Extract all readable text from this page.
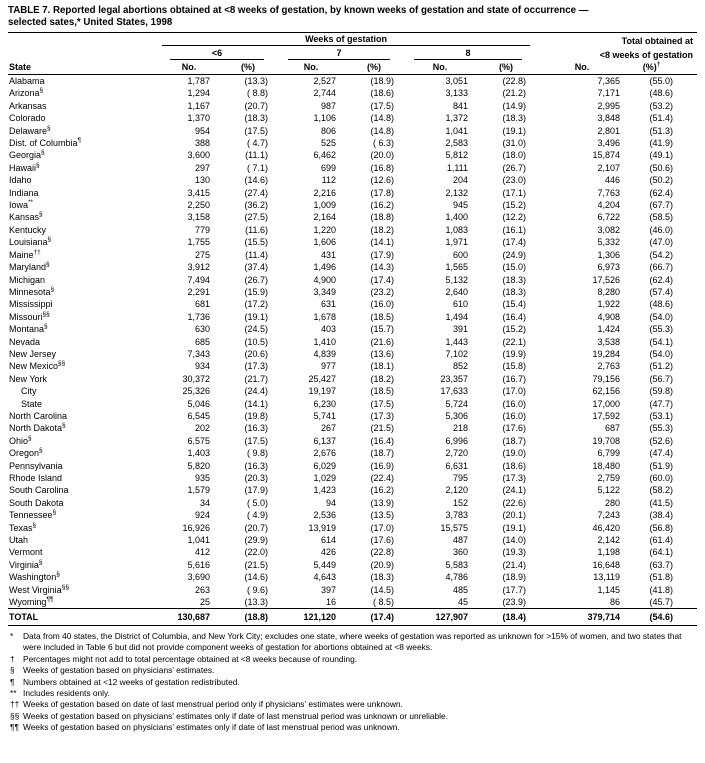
TABLE 7. Reported legal abortions obtained at <8 weeks of gestation, by known weeks of gestation and state of occurrence —
selected sates,* United States, 1998

	Weeks of gestation						Total obtained at	

	<6		7		8		<8 weeks of gestation	
State	No.	(%)	No.	(%)	No.	(%)	No.	(%)†
Alabama	1,787	(13.3)	2,527	(18.9)	3,051	(22.8)	7,365	(55.0)
Arizona§	1,294	( 8.8)	2,744	(18.6)	3,133	(21.2)	7,171	(48.6)
Arkansas	1,167	(20.7)	987	(17.5)	841	(14.9)	2,995	(53.2)
Colorado	1,370	(18.3)	1,106	(14.8)	1,372	(18.3)	3,848	(51.4)
Delaware§	954	(17.5)	806	(14.8)	1,041	(19.1)	2,801	(51.3)
Dist. of Columbia¶	388	( 4.7)	525	( 6.3)	2,583	(31.0)	3,496	(41.9)
Georgia§	3,600	(11.1)	6,462	(20.0)	5,812	(18.0)	15,874	(49.1)
Hawaii§	297	( 7.1)	699	(16.8)	1,111	(26.7)	2,107	(50.6)
Idaho	130	(14.6)	112	(12.6)	204	(23.0)	446	(50.2)
Indiana	3,415	(27.4)	2,216	(17.8)	2,132	(17.1)	7,763	(62.4)
Iowa**	2,250	(36.2)	1,009	(16.2)	945	(15.2)	4,204	(67.7)
Kansas§	3,158	(27.5)	2,164	(18.8)	1,400	(12.2)	6,722	(58.5)
Kentucky	779	(11.6)	1,220	(18.2)	1,083	(16.1)	3,082	(46.0)
Louisiana§	1,755	(15.5)	1,606	(14.1)	1,971	(17.4)	5,332	(47.0)
Maine††	275	(11.4)	431	(17.9)	600	(24.9)	1,306	(54.2)
Maryland§	3,912	(37.4)	1,496	(14.3)	1,565	(15.0)	6,973	(66.7)
Michigan	7,494	(26.7)	4,900	(17.4)	5,132	(18.3)	17,526	(62.4)
Minnesota§	2,291	(15.9)	3,349	(23.2)	2,640	(18.3)	8,280	(57.4)
Mississippi	681	(17.2)	631	(16.0)	610	(15.4)	1,922	(48.6)
Missouri§§	1,736	(19.1)	1,678	(18.5)	1,494	(16.4)	4,908	(54.0)
Montana§	630	(24.5)	403	(15.7)	391	(15.2)	1,424	(55.3)
Nevada	685	(10.5)	1,410	(21.6)	1,443	(22.1)	3,538	(54.1)
New Jersey	7,343	(20.6)	4,839	(13.6)	7,102	(19.9)	19,284	(54.0)
New Mexico§§	934	(17.3)	977	(18.1)	852	(15.8)	2,763	(51.2)
New York	30,372	(21.7)	25,427	(18.2)	23,357	(16.7)	79,156	(56.7)
City	25,326	(24.4)	19,197	(18.5)	17,633	(17.0)	62,156	(59.8)
State	5,046	(14.1)	6,230	(17.5)	5,724	(16.0)	17,000	(47.7)
North Carolina	6,545	(19.8)	5,741	(17.3)	5,306	(16.0)	17,592	(53.1)
North Dakota§	202	(16.3)	267	(21.5)	218	(17.6)	687	(55.3)
Ohio§	6,575	(17.5)	6,137	(16.4)	6,996	(18.7)	19,708	(52.6)
Oregon§	1,403	( 9.8)	2,676	(18.7)	2,720	(19.0)	6,799	(47.4)
Pennsylvania	5,820	(16.3)	6,029	(16.9)	6,631	(18.6)	18,480	(51.9)
Rhode Island	935	(20.3)	1,029	(22.4)	795	(17.3)	2,759	(60.0)
South Carolina	1,579	(17.9)	1,423	(16.2)	2,120	(24.1)	5,122	(58.2)
South Dakota	34	( 5.0)	94	(13.9)	152	(22.6)	280	(41.5)
Tennessee§	924	( 4.9)	2,536	(13.5)	3,783	(20.1)	7,243	(38.4)
Texas§	16,926	(20.7)	13,919	(17.0)	15,575	(19.1)	46,420	(56.8)
Utah	1,041	(29.9)	614	(17.6)	487	(14.0)	2,142	(61.4)
Vermont	412	(22.0)	426	(22.8)	360	(19.3)	1,198	(64.1)
Virginia§	5,616	(21.5)	5,449	(20.9)	5,583	(21.4)	16,648	(63.7)
Washington§	3,690	(14.6)	4,643	(18.3)	4,786	(18.9)	13,119	(51.8)
West Virginia§§	263	( 9.6)	397	(14.5)	485	(17.7)	1,145	(41.8)
Wyoming¶¶	25	(13.3)	16	( 8.5)	45	(23.9)	86	(45.7)
TOTAL	130,687	(18.8)	121,120	(17.4)	127,907	(18.4)	379,714	(54.6)
* Data from 40 states, the District of Columbia, and New York City; excludes one state, where weeks of gestation was reported as unknown for >15% of women, and two states that were included in Table 6 but did not provide component weeks of gestation for abortions obtained at <8 weeks.
† Percentages might not add to total percentage obtained at <8 weeks because of rounding.
§ Weeks of gestation based on physicians’ estimates.
¶ Numbers obtained at <12 weeks of gestation redistributed.
** Includes residents only.
†† Weeks of gestation based on date of last menstrual period only if physicians’ estimates were unknown.
§§ Weeks of gestation based on physicians’ estimates only if date of last menstrual period was unknown or unreliable.
¶¶ Weeks of gestation based on physicians’ estimates only if date of last menstrual period was unknown.
